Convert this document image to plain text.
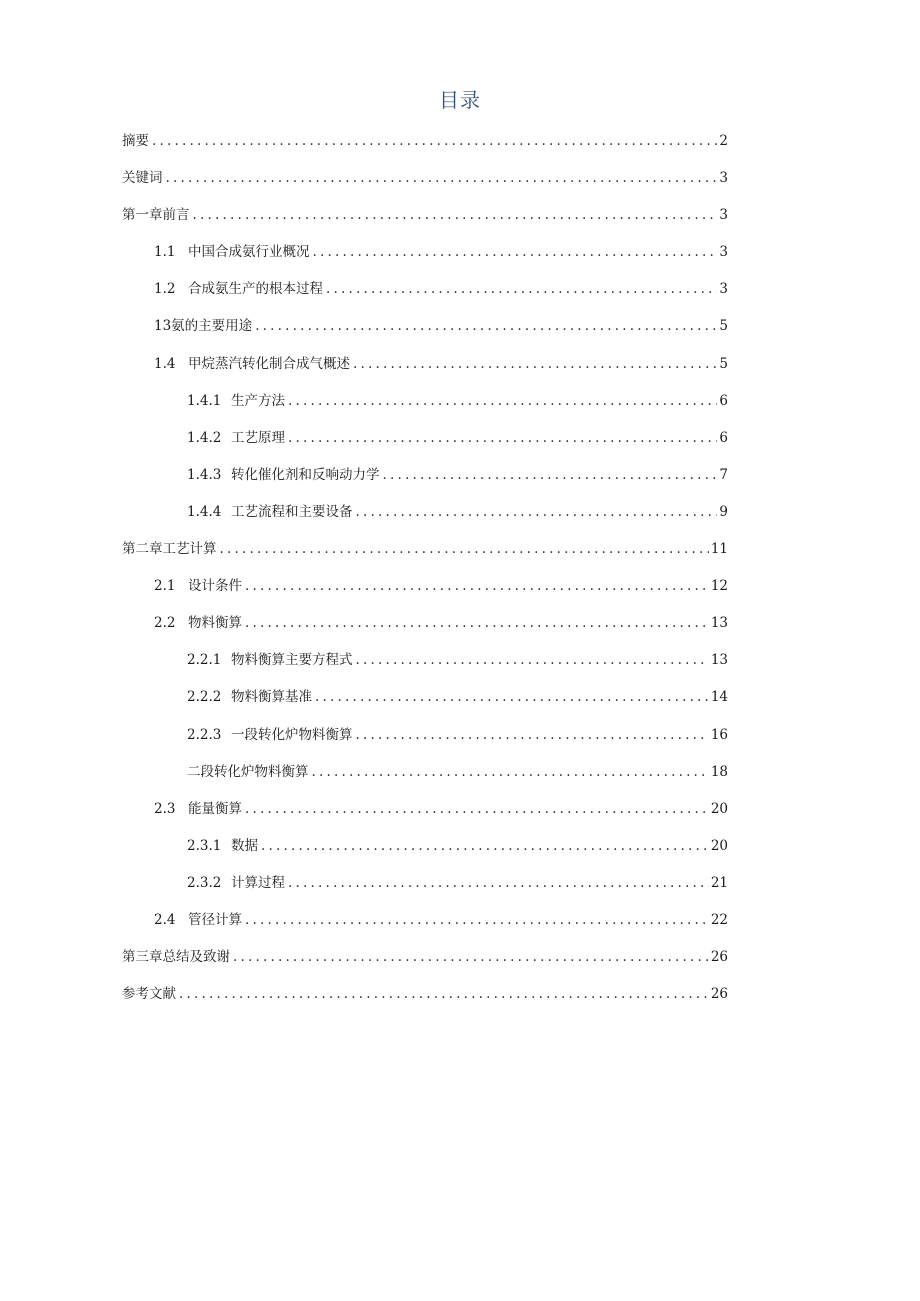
目录
摘要 .....	2
关键词 .....	3
第一章前言 .....	3
1.1 中国合成氨行业概况 .....	3
1.2 合成氨生产的根本过程 .....	3
13氨的主要用途 .....	5
1.4 甲烷蒸汽转化制合成气概述 .....	5
1.4.1 生产方法 .....	6
1.4.2 工艺原理 .....	6
1.4.3 转化催化剂和反响动力学 .....	7
1.4.4 工艺流程和主要设备 .....	9
第二章工艺计算 .....	11
2.1 设计条件 .....	12
2.2 物料衡算 .....	13
2.2.1 物料衡算主要方程式 .....	13
2.2.2 物料衡算基准 .....	14
2.2.3 一段转化炉物料衡算 .....	16
二段转化炉物料衡算 .....	18
2.3 能量衡算 .....	20
2.3.1 数据 .....	20
2.3.2 计算过程 .....	21
2.4 管径计算 .....	22
第三章总结及致谢 .....	26
参考文献 .....	26
